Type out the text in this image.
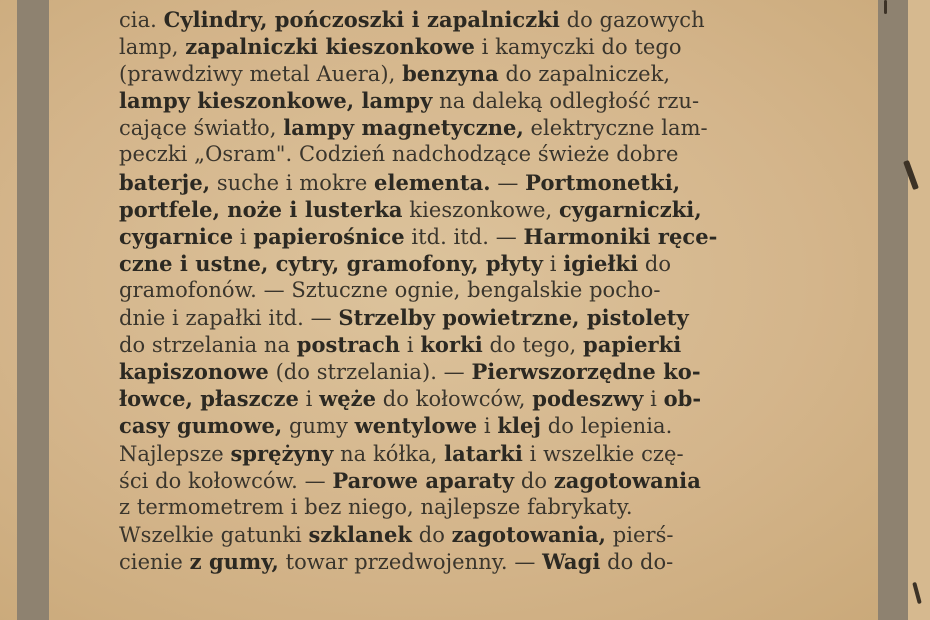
cia. Cylindry, pończoszki i zapalniczki do gazowych
lamp, zapalniczki kieszonkowe i kamyczki do tego
(prawdziwy metal Auera), benzyna do zapalniczek,
lampy kieszonkowe, lampy na daleką odległość rzu-
cające światło, lampy magnetyczne, elektryczne lam-
peczki „Osram". Codzień nadchodzące świeże dobre
baterje, suche i mokre elementa. — Portmonetki,
portfele, noże i lusterka kieszonkowe, cygarniczki,
cygarnice i papierośnice itd. itd. — Harmoniki ręce-
czne i ustne, cytry, gramofony, płyty i igiełki do
gramofonów. — Sztuczne ognie, bengalskie pocho-
dnie i zapałki itd. — Strzelby powietrzne, pistolety
do strzelania na postrach i korki do tego, papierki
kapiszonowe (do strzelania). — Pierwszorzędne ko-
łowce, płaszcze i węże do kołowców, podeszwy i ob-
casy gumowe, gumy wentylowe i klej do lepienia.
Najlepsze sprężyny na kółka, latarki i wszelkie czę-
ści do kołowców. — Parowe aparaty do zagotowania
z termometrem i bez niego, najlepsze fabrykaty.
Wszelkie gatunki szklanek do zagotowania, pierś-
cienie z gumy, towar przedwojenny. — Wagi do do-
